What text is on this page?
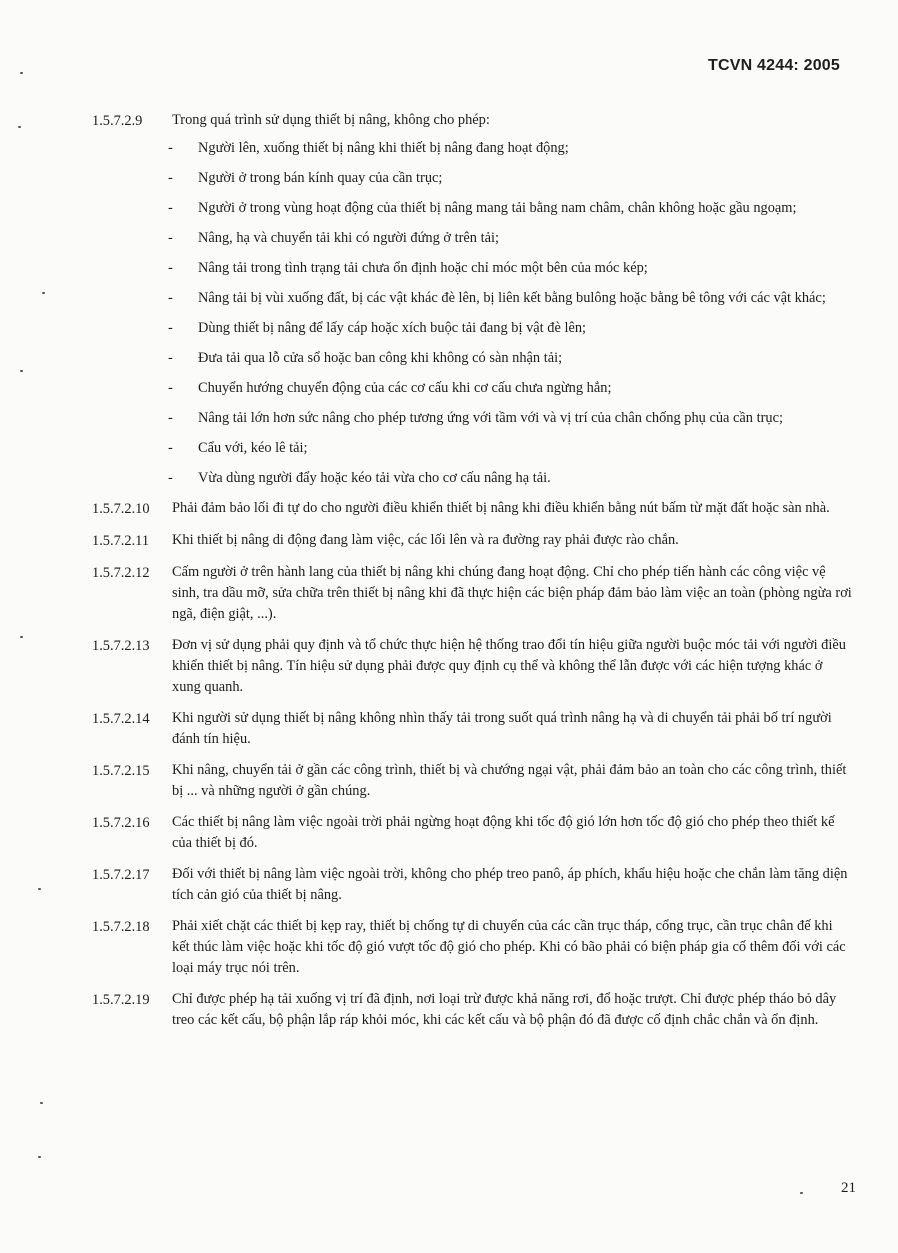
TCVN 4244: 2005
1.5.7.2.9	Trong quá trình sử dụng thiết bị nâng, không cho phép:
-	Người lên, xuống thiết bị nâng khi thiết bị nâng đang hoạt động;
-	Người ở trong bán kính quay của cần trục;
-	Người ở trong vùng hoạt động của thiết bị nâng mang tải bằng nam châm, chân không hoặc gầu ngoạm;
-	Nâng, hạ và chuyển tải khi có người đứng ở trên tải;
-	Nâng tải trong tình trạng tải chưa ổn định hoặc chỉ móc một bên của móc kép;
-	Nâng tải bị vùi xuống đất, bị các vật khác đè lên, bị liên kết bằng bulông hoặc bằng bê tông với các vật khác;
-	Dùng thiết bị nâng để lấy cáp hoặc xích buộc tải đang bị vật đè lên;
-	Đưa tải qua lỗ cửa sổ hoặc ban công khi không có sàn nhận tải;
-	Chuyển hướng chuyển động của các cơ cấu khi cơ cấu chưa ngừng hẳn;
-	Nâng tải lớn hơn sức nâng cho phép tương ứng với tầm với và vị trí của chân chống phụ của cần trục;
-	Cẩu với, kéo lê tải;
-	Vừa dùng người đẩy hoặc kéo tải vừa cho cơ cấu nâng hạ tải.
1.5.7.2.10	Phải đảm bảo lối đi tự do cho người điều khiển thiết bị nâng khi điều khiển bằng nút bấm từ mặt đất hoặc sàn nhà.
1.5.7.2.11	Khi thiết bị nâng di động đang làm việc, các lối lên và ra đường ray phải được rào chắn.
1.5.7.2.12	Cấm người ở trên hành lang của thiết bị nâng khi chúng đang hoạt động. Chỉ cho phép tiến hành các công việc vệ sinh, tra dầu mỡ, sửa chữa trên thiết bị nâng khi đã thực hiện các biện pháp đảm bảo làm việc an toàn (phòng ngừa rơi ngã, điện giật, ...).
1.5.7.2.13	Đơn vị sử dụng phải quy định và tổ chức thực hiện hệ thống trao đổi tín hiệu giữa người buộc móc tải với người điều khiển thiết bị nâng. Tín hiệu sử dụng phải được quy định cụ thể và không thể lẫn được với các hiện tượng khác ở xung quanh.
1.5.7.2.14	Khi người sử dụng thiết bị nâng không nhìn thấy tải trong suốt quá trình nâng hạ và di chuyển tải phải bố trí người đánh tín hiệu.
1.5.7.2.15	Khi nâng, chuyển tải ở gần các công trình, thiết bị và chướng ngại vật, phải đảm bảo an toàn cho các công trình, thiết bị ... và những người ở gần chúng.
1.5.7.2.16	Các thiết bị nâng làm việc ngoài trời phải ngừng hoạt động khi tốc độ gió lớn hơn tốc độ gió cho phép theo thiết kế của thiết bị đó.
1.5.7.2.17	Đối với thiết bị nâng làm việc ngoài trời, không cho phép treo panô, áp phích, khẩu hiệu hoặc che chắn làm tăng diện tích cản gió của thiết bị nâng.
1.5.7.2.18	Phải xiết chặt các thiết bị kẹp ray, thiết bị chống tự di chuyển của các cần trục tháp, cổng trục, cần trục chân đế khi kết thúc làm việc hoặc khi tốc độ gió vượt tốc độ gió cho phép. Khi có bão phải có biện pháp gia cố thêm đối với các loại máy trục nói trên.
1.5.7.2.19	Chỉ được phép hạ tải xuống vị trí đã định, nơi loại trừ được khả năng rơi, đổ hoặc trượt. Chỉ được phép tháo bỏ dây treo các kết cấu, bộ phận lắp ráp khỏi móc, khi các kết cấu và bộ phận đó đã được cố định chắc chắn và ổn định.
21
